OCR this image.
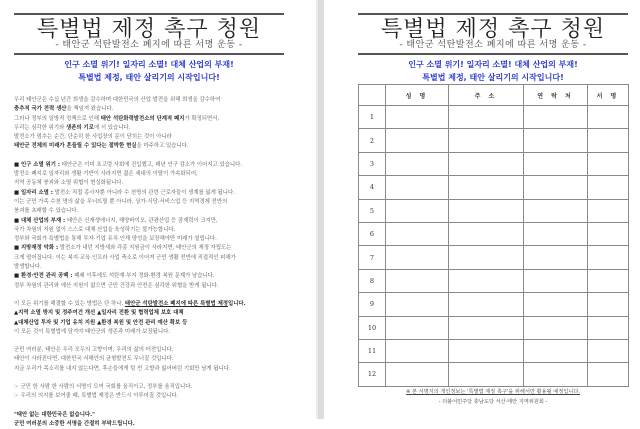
특별법 제정 촉구 청원
- 태안군 석탄발전소 폐지에 따른 서명 운동 -
인구 소멸 위기! 일자리 소멸! 대체 산업의 부재!
특별법 제정, 태안 살리기의 시작입니다!

우리 태안군은 수십 년간 희생을 감수하며 대한민국의 산업 발전을 위해 희생을 감수하여

충추적 국가 전력 생산을 책임져 왔습니다.

그러나 정부의 일방적 정책으로 인해 태안 석탄화력발전소의 단계적 폐지가 확정되면서,

우리는 심각한 위기와 생존의 기로에 서 있습니다.

발전소가 멈추는 순간, 단순히 한 사업장의 문이 닫히는 것이 아니라

태안군 전체의 미래가 흔들릴 수 있다는 절박한 현실을 마주하고 있습니다.

■ 인구 소멸 위기 : 태안군은 이미 초고령 사회에 진입했고, 매년 인구 감소가 이어지고 있습니다.

발전소 폐지로 일자리와 생활 기반이 사라지면 젊은 세대의 이탈이 가속화되어,

지역 공동체 붕괴와 소멸 위협이 현실화됩니다.

■ 일자리 소멸 : 발전소 직접 종사자뿐 아니라 수 천명의 관련 근로자들이 생계를 잃게 됩니다.

이는 군민 가족 수천 명의 삶을 무너뜨릴 뿐 아니라, 상가·식당·서비스업 등 지역경제 전반의

붕괴를 초래할 수 있습니다.

■ 대체 산업의 부재 : 태안은 신재생에너지, 해양바이오, 관광산업 등 잠재력이 크지만,

국가 차원의 지원 없이 스스로 대체 산업을 육성하기는 불가능합니다.

정부와 국회가 특별법을 통해 투자·기업 유치·인재 양성을 보장해야만 미래가 열립니다.

■ 지방재정 악화 : 발전소가 내던 지방세와 각종 지원금이 사라지면, 태안군의 재정 자립도는

크게 떨어집니다. 이는 복지·교육·인프라 사업 축소로 이어져 군민 생활 전반에 직접적인 피해가

발생합니다.

■ 환경·안전 관리 공백 : 폐쇄 이후에도 석탄재·부지 정화·환경 복원 문제가 남습니다.

정부 차원의 관리와 예산 지원이 없으면 군민 건강과 안전은 심각한 위협을 받게 됩니다.

이 모든 위기를 해결할 수 있는 방법은 단 하나, 태안군 석탄발전소 폐지에 따른 특별법 제정입니다.

▲지역 소멸 방지 및 정주여건 개선 ▲일자리 전환 및 협력업체 보호 대책

▲대체산업 투자 및 기업 유치 지원 ▲환경 복원 및 안전 관리 예산 확보 등

이 모든 것이 특별법에 담겨야 태안군의 생존과 미래가 보장됩니다.

군민 여러분, 태안은 우리 모두의 고향이며, 우리의 삶의 터전입니다.

태안이 사라진다면, 대한민국 서해안의 균형발전도 무너질 것입니다.

지금 우리가 목소리를 내지 않는다면, 후손들에게 텅 빈 고향과 잃어버린 기회만 남게 됩니다.

☞ 군민 한 사람 한 사람의 서명이 모여 국회를 움직이고, 정부를 움직입니다.

☞ 우리의 의지를 보여줄 때, 특별법 제정은 반드시 이루어질 것입니다.

"태안 없는 대한민국은 없습니다."

군민 여러분의 소중한 서명을 간절히 부탁드립니다.

특별법 제정 촉구 청원
- 태안군 석탄발전소 폐지에 따른 서명 운동 -
인구 소멸 위기! 일자리 소멸! 대체 산업의 부재!
특별법 제정, 태안 살리기의 시작입니다!
	성 명	주 소	연 락 처	서 명
1				
2				
3				
4				
5				
6				
7				
8				
9				
10				
11				
12				
※ 본 서명지의 개인정보는 '특별법 제정 촉구'을 위해서만 활용될 예정입니다.
- 더불어민주당 충남도당 서산·태안 지역위원회 -
